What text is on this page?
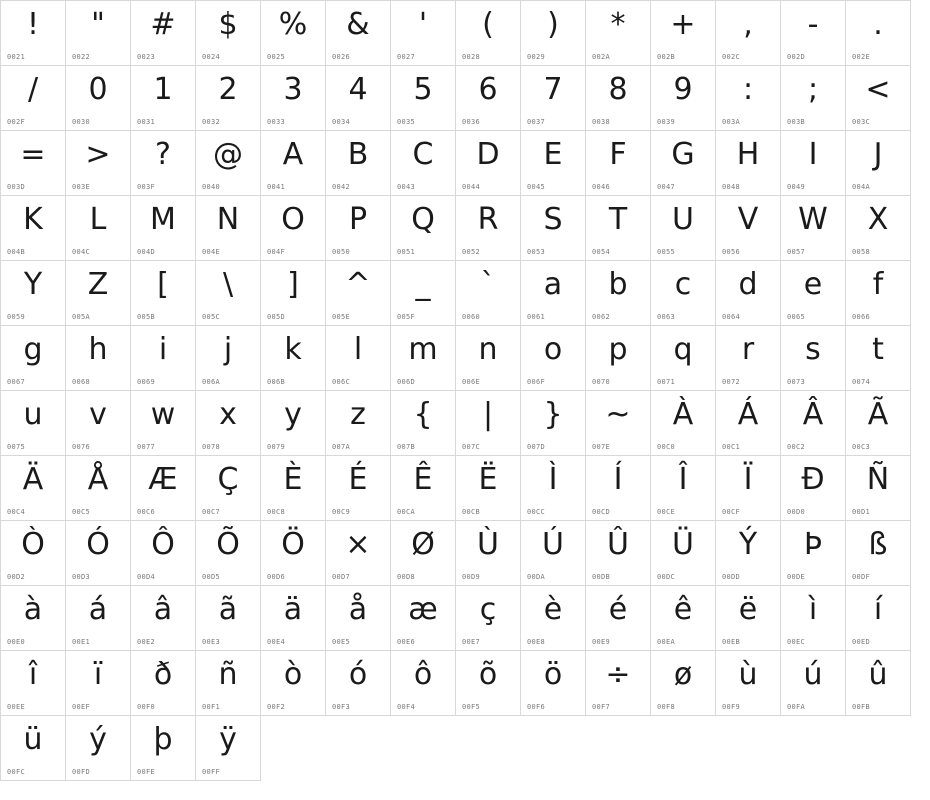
!
0021
"
0022
#
0023
$
0024
%
0025
&
0026
'
0027
(
0028
)
0029
*
002A
+
002B
,
002C
-
002D
.
002E
/
002F
0
0030
1
0031
2
0032
3
0033
4
0034
5
0035
6
0036
7
0037
8
0038
9
0039
:
003A
;
003B
<
003C
=
003D
>
003E
?
003F
@
0040
A
0041
B
0042
C
0043
D
0044
E
0045
F
0046
G
0047
H
0048
I
0049
J
004A
K
004B
L
004C
M
004D
N
004E
O
004F
P
0050
Q
0051
R
0052
S
0053
T
0054
U
0055
V
0056
W
0057
X
0058
Y
0059
Z
005A
[
005B
\
005C
]
005D
^
005E
_
005F
`
0060
a
0061
b
0062
c
0063
d
0064
e
0065
f
0066
g
0067
h
0068
i
0069
j
006A
k
006B
l
006C
m
006D
n
006E
o
006F
p
0070
q
0071
r
0072
s
0073
t
0074
u
0075
v
0076
w
0077
x
0078
y
0079
z
007A
{
007B
|
007C
}
007D
~
007E
À
00C0
Á
00C1
Â
00C2
Ã
00C3
Ä
00C4
Å
00C5
Æ
00C6
Ç
00C7
È
00C8
É
00C9
Ê
00CA
Ë
00CB
Ì
00CC
Í
00CD
Î
00CE
Ï
00CF
Ð
00D0
Ñ
00D1
Ò
00D2
Ó
00D3
Ô
00D4
Õ
00D5
Ö
00D6
×
00D7
Ø
00D8
Ù
00D9
Ú
00DA
Û
00DB
Ü
00DC
Ý
00DD
Þ
00DE
ß
00DF
à
00E0
á
00E1
â
00E2
ã
00E3
ä
00E4
å
00E5
æ
00E6
ç
00E7
è
00E8
é
00E9
ê
00EA
ë
00EB
ì
00EC
í
00ED
î
00EE
ï
00EF
ð
00F0
ñ
00F1
ò
00F2
ó
00F3
ô
00F4
õ
00F5
ö
00F6
÷
00F7
ø
00F8
ù
00F9
ú
00FA
û
00FB
ü
00FC
ý
00FD
þ
00FE
ÿ
00FF
